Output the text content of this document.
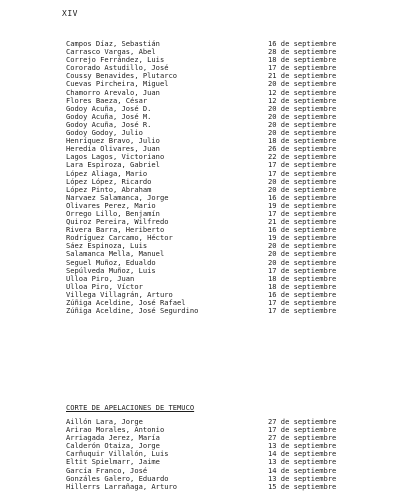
XIV
Campos Díaz, Sebastián	16 de septiembre
Carrasco Vargas, Abel	28 de septiembre
Correjo Ferrández, Luis	18 de septiembre
Cororado Astudillo, José	17 de septiembre
Coussy Benavides, Plutarco	21 de septiembre
Cuevas Pircheira, Miguel	20 de septiembre
Chamorro Arevalo, Juan	12 de septiembre
Flores Baeza, César	12 de septiembre
Godoy Acuña, José D.	20 de septiembre
Godoy Acuña, José M.	20 de septiembre
Godoy Acuña, José R.	20 de septiembre
Godoy Godoy, Julio	20 de septiembre
Henríquez Bravo, Julio	18 de septiembre
Heredia Olivares, Juan	26 de septiembre
Lagos Lagos, Victoriano	22 de septiembre
Lara Espiroza, Gabriel	17 de septiembre
López Aliaga, Mario	17 de septiembre
López López, Ricardo	20 de septiembre
López Pinto, Abraham	20 de septiembre
Narvaez Salamanca, Jorge	16 de septiembre
Olivares Perez, Mario	19 de septiembre
Orrego Lillo, Benjamín	17 de septiembre
Quiroz Pereira, Wilfredo	21 de septiembre
Rivera Barra, Heriberto	16 de septiembre
Rodríguez Carcamo, Héctor	19 de septiembre
Sáez Espinoza, Luis	20 de septiembre
Salamanca Mella, Manuel	20 de septiembre
Seguel Muñoz, Edualdo	20 de septiembre
Sepúlveda Muñoz, Luis	17 de septiembre
Ulloa Piro, Juan	18 de septiembre
Ulloa Piro, Víctor	18 de septiembre
Villega Villagrán, Arturo	16 de septiembre
Zúñiga Aceldine, José Rafael	17 de septiembre
Zúñiga Aceldine, José Segurdino	17 de septiembre
CORTE DE APELACIONES DE TEMUCO
Aillón Lara, Jorge	27 de septiembre
Arirao Morales, Antonio	17 de septiembre
Arriagada Jerez, María	27 de septiembre
Calderón Otaiza, Jorge	13 de septiembre
Carñuquir Villalón, Luis	14 de septiembre
Eltit Spielmarr, Jaime	13 de septiembre
García Franco, José	14 de septiembre
Gonzáles Galero, Eduardo	13 de septiembre
Hillerrs Larrañaga, Arturo	15 de septiembre
